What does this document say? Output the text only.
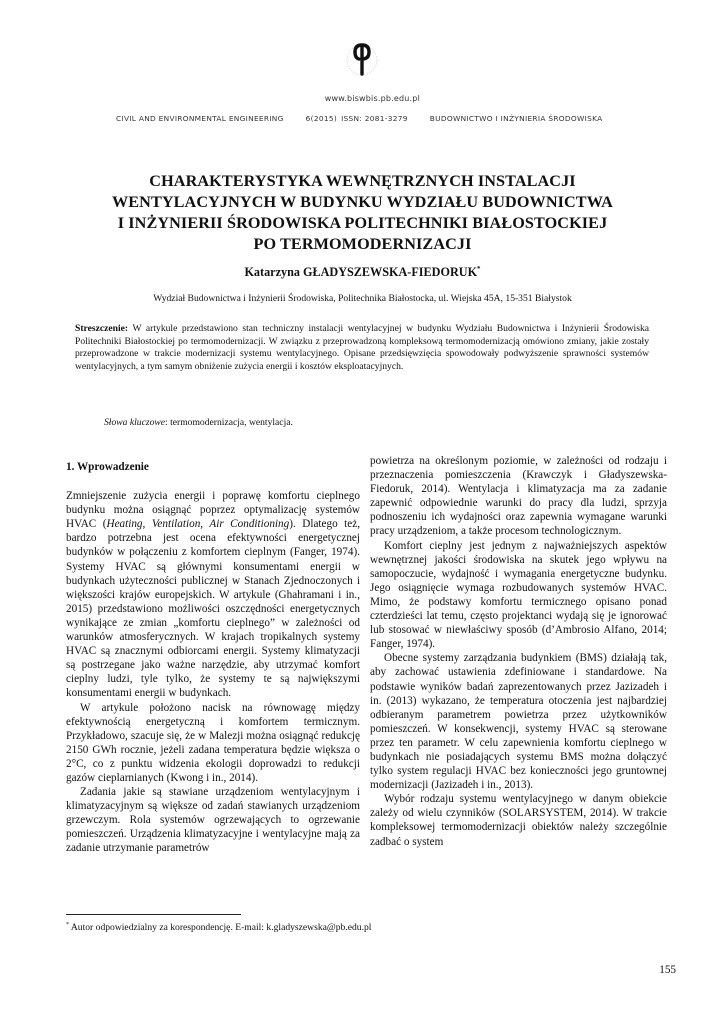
www.biswbis.pb.edu.pl
CIVIL AND ENVIRONMENTAL ENGINEERING	6(2015) ISSN: 2081-3279	BUDOWNICTWO I INŻYNIERIA ŚRODOWISKA
CHARAKTERYSTYKA WEWNĘTRZNYCH INSTALACJI
WENTYLACYJNYCH W BUDYNKU WYDZIAŁU BUDOWNICTWA
I INŻYNIERII ŚRODOWISKA POLITECHNIKI BIAŁOSTOCKIEJ
PO TERMOMODERNIZACJI
Katarzyna GŁADYSZEWSKA-FIEDORUK*
Wydział Budownictwa i Inżynierii Środowiska, Politechnika Białostocka, ul. Wiejska 45A, 15-351 Białystok
Streszczenie: W artykule przedstawiono stan techniczny instalacji wentylacyjnej w budynku Wydziału Budownictwa i Inżynierii Środowiska Politechniki Białostockiej po termomodernizacji. W związku z przeprowadzoną kompleksową termomodernizacją omówiono zmiany, jakie zostały przeprowadzone w trakcie modernizacji systemu wentylacyjnego. Opisane przedsięwzięcia spowodowały podwyższenie sprawności systemów wentylacyjnych, a tym samym obniżenie zużycia energii i kosztów eksploatacyjnych.
Słowa kluczowe: termomodernizacja, wentylacja.
1. Wprowadzenie

Zmniejszenie zużycia energii i poprawę komfortu cieplnego budynku można osiągnąć poprzez optymalizację systemów HVAC (Heating, Ventilation, Air Conditioning). Dlatego też, bardzo potrzebna jest ocena efektywności energetycznej budynków w połączeniu z komfortem cieplnym (Fanger, 1974). Systemy HVAC są głównymi konsumentami energii w budynkach użyteczności publicznej w Stanach Zjednoczonych i większości krajów europejskich. W artykule (Ghahramani i in., 2015) przedstawiono możliwości oszczędności energetycznych wynikające ze zmian „komfortu cieplnego” w zależności od warunków atmosferycznych. W krajach tropikalnych systemy HVAC są znacznymi odbiorcami energii. Systemy klimatyzacji są postrzegane jako ważne narzędzie, aby utrzymać komfort cieplny ludzi, tyle tylko, że systemy te są największymi konsumentami energii w budynkach.

W artykule położono nacisk na równowagę między efektywnością energetyczną i komfortem termicznym. Przykładowo, szacuje się, że w Malezji można osiągnąć redukcję 2150 GWh rocznie, jeżeli zadana temperatura będzie większa o 2°C, co z punktu widzenia ekologii doprowadzi to redukcji gazów cieplarnianych (Kwong i in., 2014).

Zadania jakie są stawiane urządzeniom wentylacyjnym i klimatyzacyjnym są większe od zadań stawianych urządzeniom grzewczym. Rola systemów ogrzewających to ogrzewanie pomieszczeń. Urządzenia klimatyzacyjne i wentylacyjne mają za zadanie utrzymanie parametrów

powietrza na określonym poziomie, w zależności od rodzaju i przeznaczenia pomieszczenia (Krawczyk i Gładyszewska-Fiedoruk, 2014). Wentylacja i klimatyzacja ma za zadanie zapewnić odpowiednie warunki do pracy dla ludzi, sprzyja podnoszeniu ich wydajności oraz zapewnia wymagane warunki pracy urządzeniom, a także procesom technologicznym.

Komfort cieplny jest jednym z najważniejszych aspektów wewnętrznej jakości środowiska na skutek jego wpływu na samopoczucie, wydajność i wymagania energetyczne budynku. Jego osiągnięcie wymaga rozbudowanych systemów HVAC. Mimo, że podstawy komfortu termicznego opisano ponad czterdzieści lat temu, często projektanci wydają się je ignorować lub stosować w niewłaściwy sposób (d’Ambrosio Alfano, 2014; Fanger, 1974).

Obecne systemy zarządzania budynkiem (BMS) działają tak, aby zachować ustawienia zdefiniowane i standardowe. Na podstawie wyników badań zaprezentowanych przez Jazizadeh i in. (2013) wykazano, że temperatura otoczenia jest najbardziej odbieranym parametrem powietrza przez użytkowników pomieszczeń. W konsekwencji, systemy HVAC są sterowane przez ten parametr. W celu zapewnienia komfortu cieplnego w budynkach nie posiadających systemu BMS można dołączyć tylko system regulacji HVAC bez konieczności jego gruntownej modernizacji (Jazizadeh i in., 2013).

Wybór rodzaju systemu wentylacyjnego w danym obiekcie zależy od wielu czynników (SOLARSYSTEM, 2014). W trakcie kompleksowej termomodernizacji obiektów należy szczególnie zadbać o system

* Autor odpowiedzialny za korespondencję. E-mail: k.gladyszewska@pb.edu.pl
155
